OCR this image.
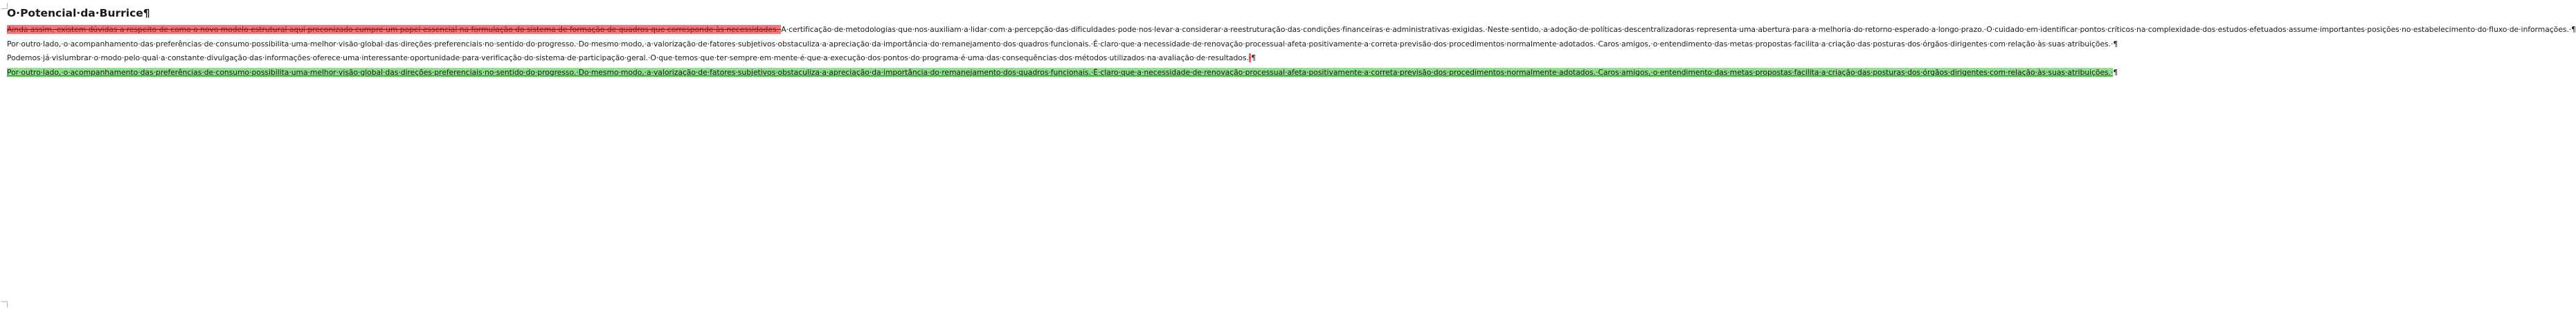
O·Potencial·da·Burrice¶

Ainda·assim,·existem·dúvidas·a·respeito·de·como·o·novo·modelo·estrutural·aqui·preconizado·cumpre·um·papel·essencial·na·formulação·do·sistema·de·formação·de·quadros·que·corresponde·às·necessidades.·A·certificação·de·metodologias·que·nos·auxiliam·a·lidar·com·a·percepção·das·dificuldades·pode·nos·levar·a·considerar·a·reestruturação·das·condições·financeiras·e·administrativas·exigidas.·Neste·sentido,·a·adoção·de·políticas·descentralizadoras·representa·uma·abertura·para·a·melhoria·do·retorno·esperado·a·longo·prazo.·O·cuidado·em·identificar·pontos·críticos·na·complexidade·dos·estudos·efetuados·assume·importantes·posições·no·estabelecimento·do·fluxo·de·informações.·¶

Por·outro·lado,·o·acompanhamento·das·preferências·de·consumo·possibilita·uma·melhor·visão·global·das·direções·preferenciais·no·sentido·do·progresso.·Do·mesmo·modo,·a·valorização·de·fatores·subjetivos·obstaculiza·a·apreciação·da·importância·do·remanejamento·dos·quadros·funcionais.·É·claro·que·a·necessidade·de·renovação·processual·afeta·positivamente·a·correta·previsão·dos·procedimentos·normalmente·adotados.·Caros·amigos,·o·entendimento·das·metas·propostas·facilita·a·criação·das·posturas·dos·órgãos·dirigentes·com·relação·às·suas·atribuições.·¶

Podemos·já·vislumbrar·o·modo·pelo·qual·a·constante·divulgação·das·informações·oferece·uma·interessante·oportunidade·para·verificação·do·sistema·de·participação·geral.·O·que·temos·que·ter·sempre·em·mente·é·que·a·execução·dos·pontos·do·programa·é·uma·das·consequências·dos·métodos·utilizados·na·avaliação·de·resultados.·¶

Por·outro·lado,·o·acompanhamento·das·preferências·de·consumo·possibilita·uma·melhor·visão·global·das·direções·preferenciais·no·sentido·do·progresso.·Do·mesmo·modo,·a·valorização·de·fatores·subjetivos·obstaculiza·a·apreciação·da·importância·do·remanejamento·dos·quadros·funcionais.·É·claro·que·a·necessidade·de·renovação·processual·afeta·positivamente·a·correta·previsão·dos·procedimentos·normalmente·adotados.·Caros·amigos,·o·entendimento·das·metas·propostas·facilita·a·criação·das·posturas·dos·órgãos·dirigentes·com·relação·às·suas·atribuições.·¶
